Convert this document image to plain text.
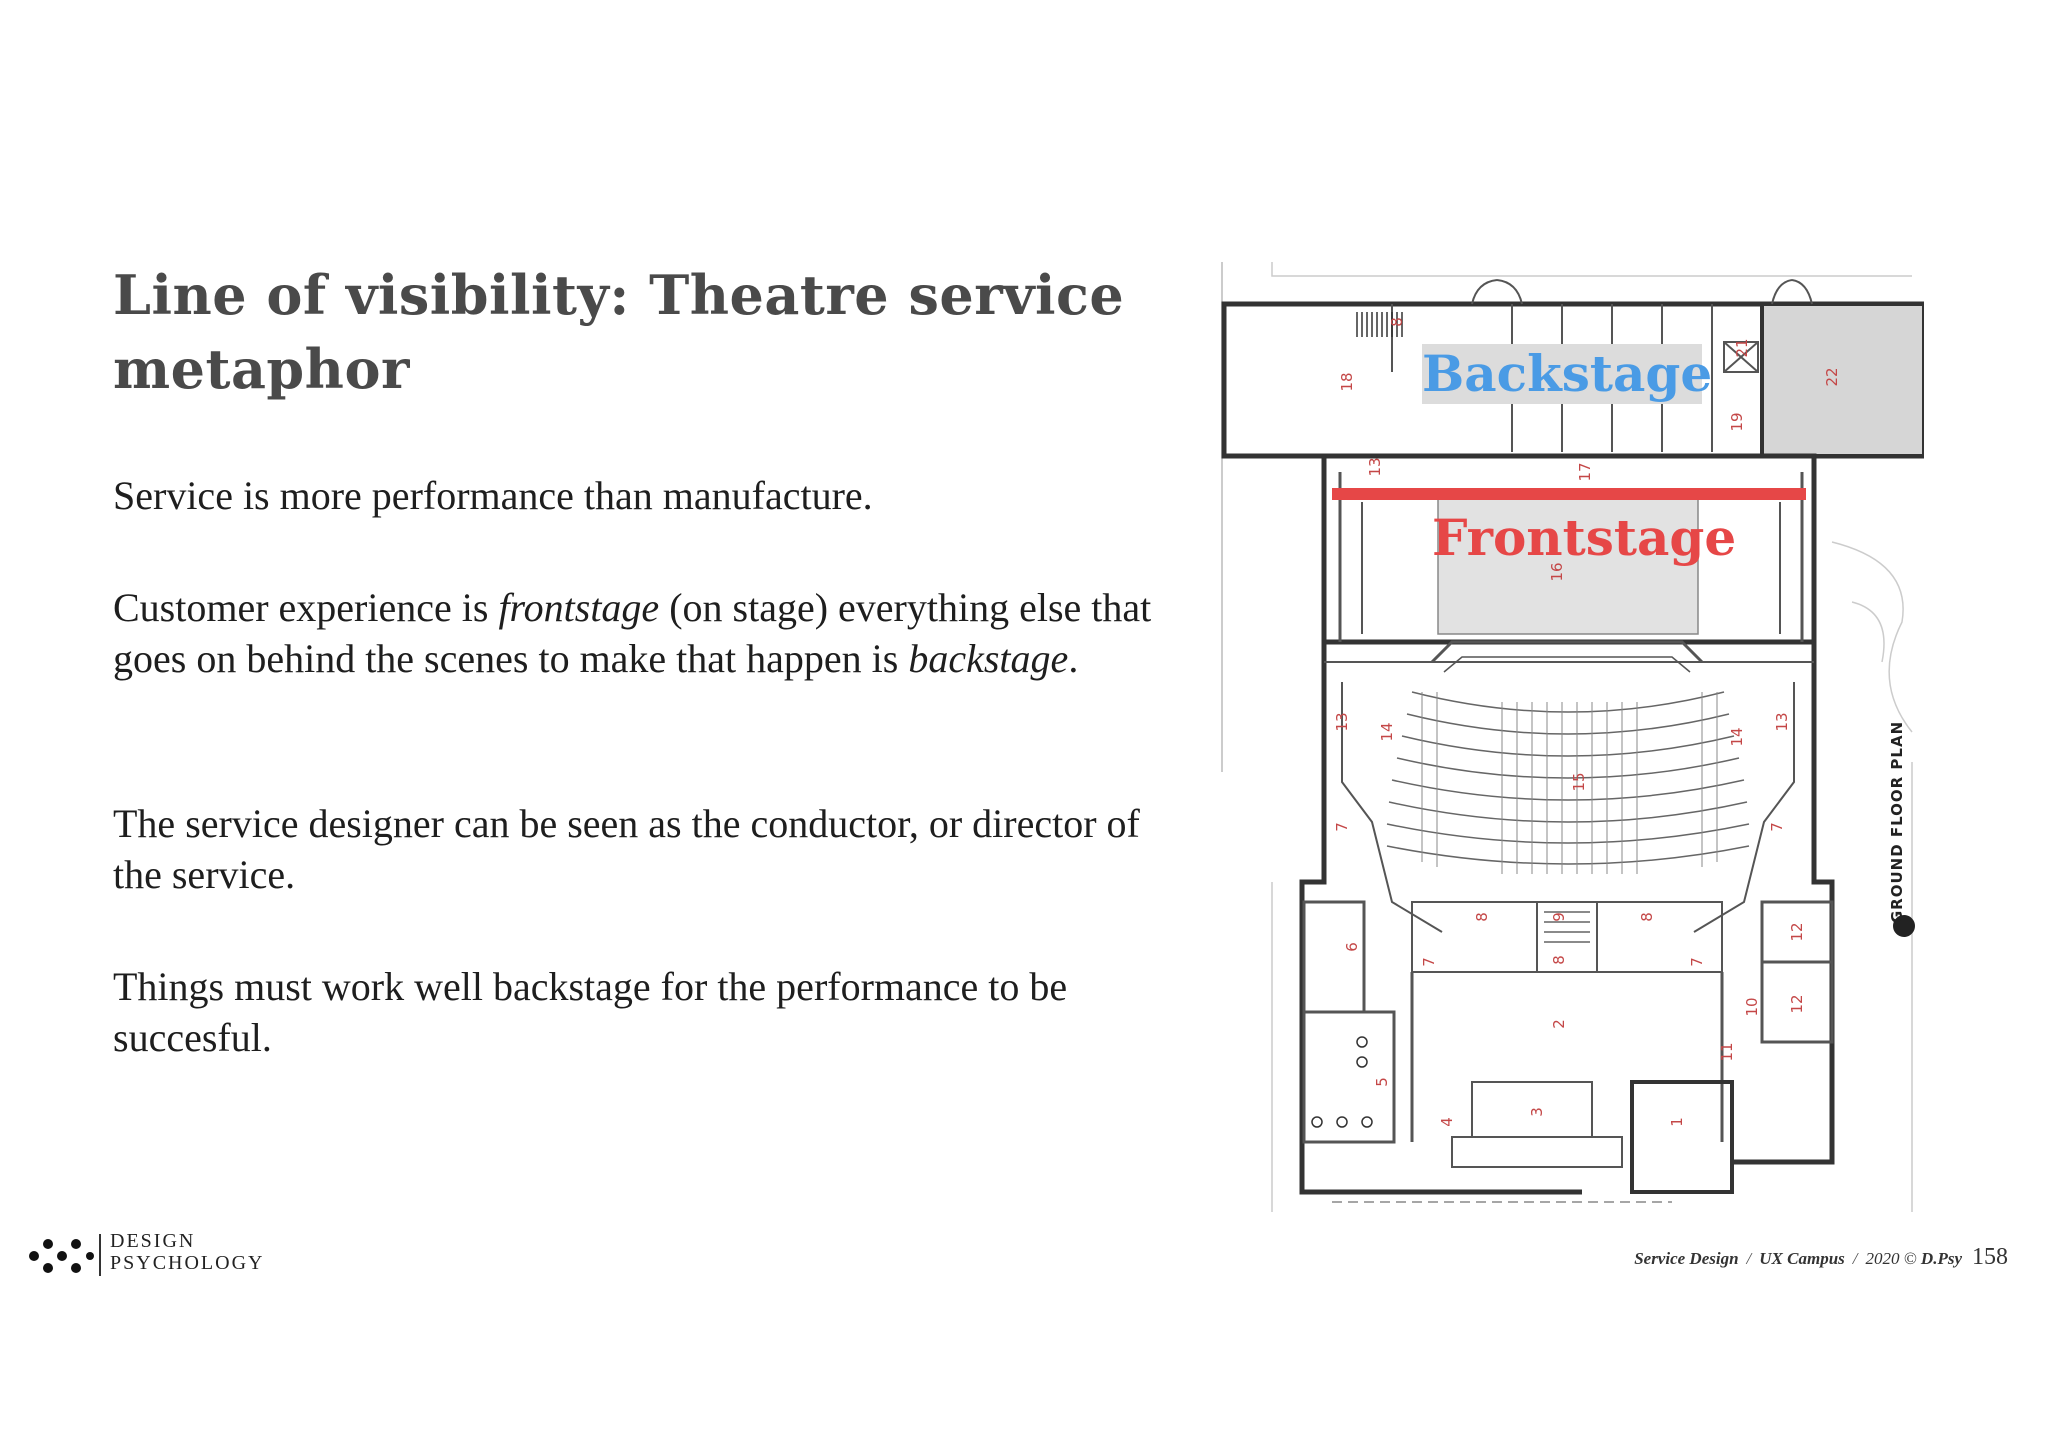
Line of visibility: Theatre service metaphor

Service is more performance than manufacture.

Customer experience is frontstage (on stage) everything else that goes on behind the scenes to make that happen is backstage.

The service designer can be seen as the conductor, or director of the service.

Things must work well backstage for the performance to be succesful.

18
8
21
22
19
13	17
16
13
14
15
14
13
7	7
8	9	8
8
6
7	7
12
12
10
2
11
5
3
4	1
GROUND FLOOR PLAN
Backstage
Frontstage
DESIGN
PSYCHOLOGY	Service Design / UX Campus / 2020 © D.Psy 158
